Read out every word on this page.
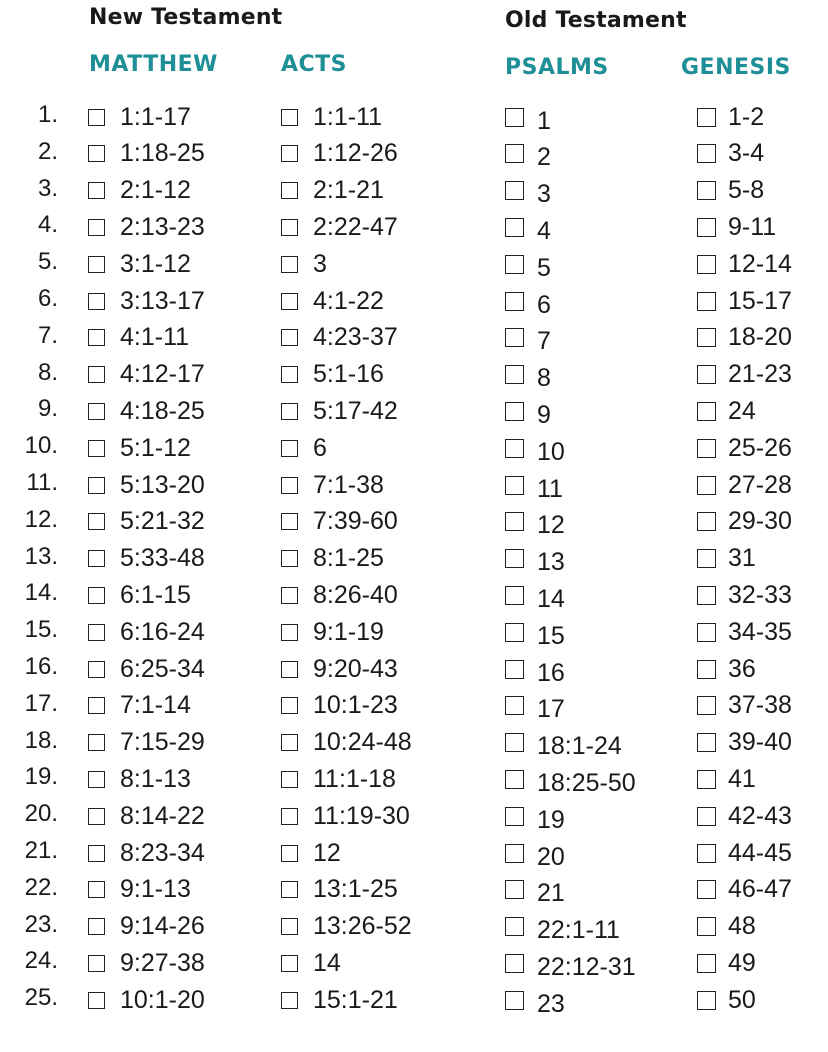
New Testament	Old Testament
MATTHEW	ACTS	PSALMS	GENESIS
1. 1:1-17	1:1-11	1	1-2
2. 1:18-25	1:12-26	2	3-4
3. 2:1-12	2:1-21	3	5-8
4. 2:13-23	2:22-47	4	9-11
5. 3:1-12	3	5	12-14
6. 3:13-17	4:1-22	6	15-17
7. 4:1-11	4:23-37	7	18-20
8. 4:12-17	5:1-16	8	21-23
9. 4:18-25	5:17-42	9	24
10. 5:1-12	6	10	25-26
11. 5:13-20	7:1-38	11	27-28
12. 5:21-32	7:39-60	12	29-30
13. 5:33-48	8:1-25	13	31
14. 6:1-15	8:26-40	14	32-33
15. 6:16-24	9:1-19	15	34-35
16. 6:25-34	9:20-43	16	36
17. 7:1-14	10:1-23	17	37-38
18. 7:15-29	10:24-48	18:1-24	39-40
19. 8:1-13	11:1-18	18:25-50	41
20. 8:14-22	11:19-30	19	42-43
21. 8:23-34	12	20	44-45
22. 9:1-13	13:1-25	21	46-47
23. 9:14-26	13:26-52	22:1-11	48
24. 9:27-38	14	22:12-31	49
25. 10:1-20	15:1-21	23	50
